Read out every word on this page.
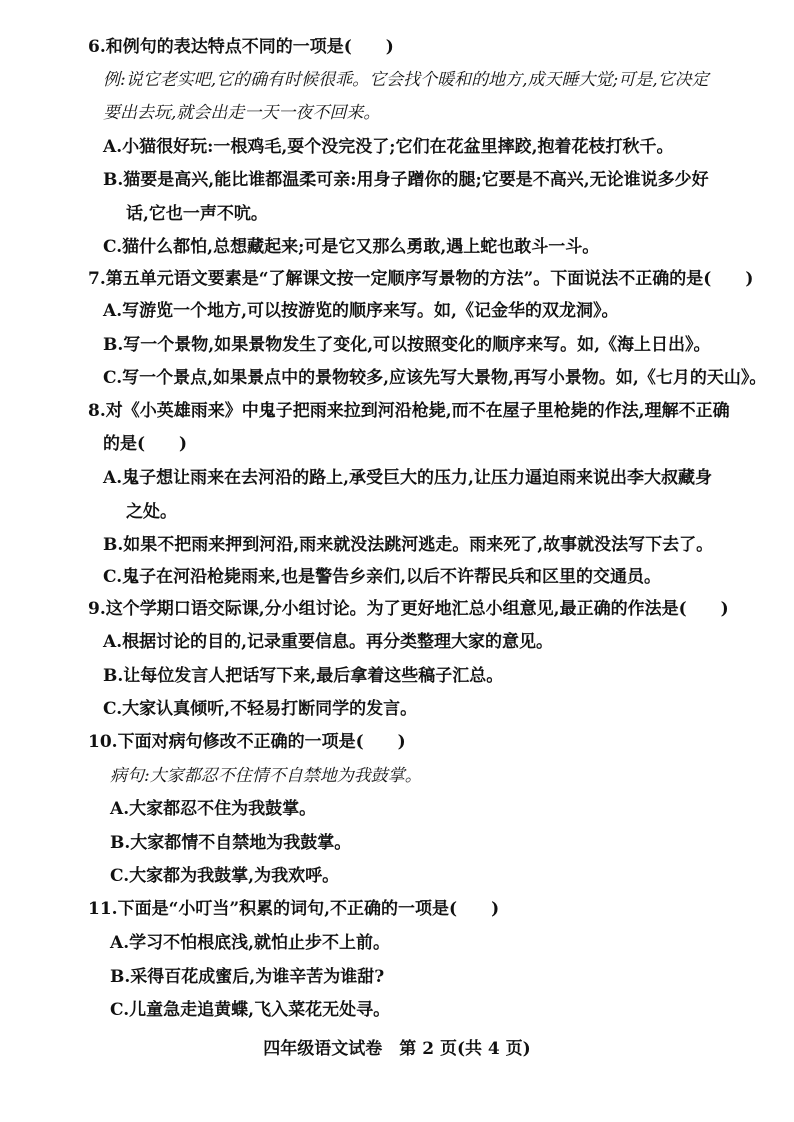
6.和例句的表达特点不同的一项是(　　)
例:说它老实吧,它的确有时候很乖。它会找个暖和的地方,成天睡大觉;可是,它决定
要出去玩,就会出走一天一夜不回来。
A.小猫很好玩:一根鸡毛,耍个没完没了;它们在花盆里摔跤,抱着花枝打秋千。
B.猫要是高兴,能比谁都温柔可亲:用身子蹭你的腿;它要是不高兴,无论谁说多少好
话,它也一声不吭。
C.猫什么都怕,总想藏起来;可是它又那么勇敢,遇上蛇也敢斗一斗。
7.第五单元语文要素是“了解课文按一定顺序写景物的方法”。下面说法不正确的是(　　)
A.写游览一个地方,可以按游览的顺序来写。如,《记金华的双龙洞》。
B.写一个景物,如果景物发生了变化,可以按照变化的顺序来写。如,《海上日出》。
C.写一个景点,如果景点中的景物较多,应该先写大景物,再写小景物。如,《七月的天山》。
8.对《小英雄雨来》中鬼子把雨来拉到河沿枪毙,而不在屋子里枪毙的作法,理解不正确
的是(　　)
A.鬼子想让雨来在去河沿的路上,承受巨大的压力,让压力逼迫雨来说出李大叔藏身
之处。
B.如果不把雨来押到河沿,雨来就没法跳河逃走。雨来死了,故事就没法写下去了。
C.鬼子在河沿枪毙雨来,也是警告乡亲们,以后不许帮民兵和区里的交通员。
9.这个学期口语交际课,分小组讨论。为了更好地汇总小组意见,最正确的作法是(　　)
A.根据讨论的目的,记录重要信息。再分类整理大家的意见。
B.让每位发言人把话写下来,最后拿着这些稿子汇总。
C.大家认真倾听,不轻易打断同学的发言。
10.下面对病句修改不正确的一项是(　　)
病句:大家都忍不住情不自禁地为我鼓掌。
A.大家都忍不住为我鼓掌。
B.大家都情不自禁地为我鼓掌。
C.大家都为我鼓掌,为我欢呼。
11.下面是“小叮当”积累的词句,不正确的一项是(　　)
A.学习不怕根底浅,就怕止步不上前。
B.采得百花成蜜后,为谁辛苦为谁甜?
C.儿童急走追黄蝶,飞入菜花无处寻。
四年级语文试卷　第 2 页(共 4 页)
